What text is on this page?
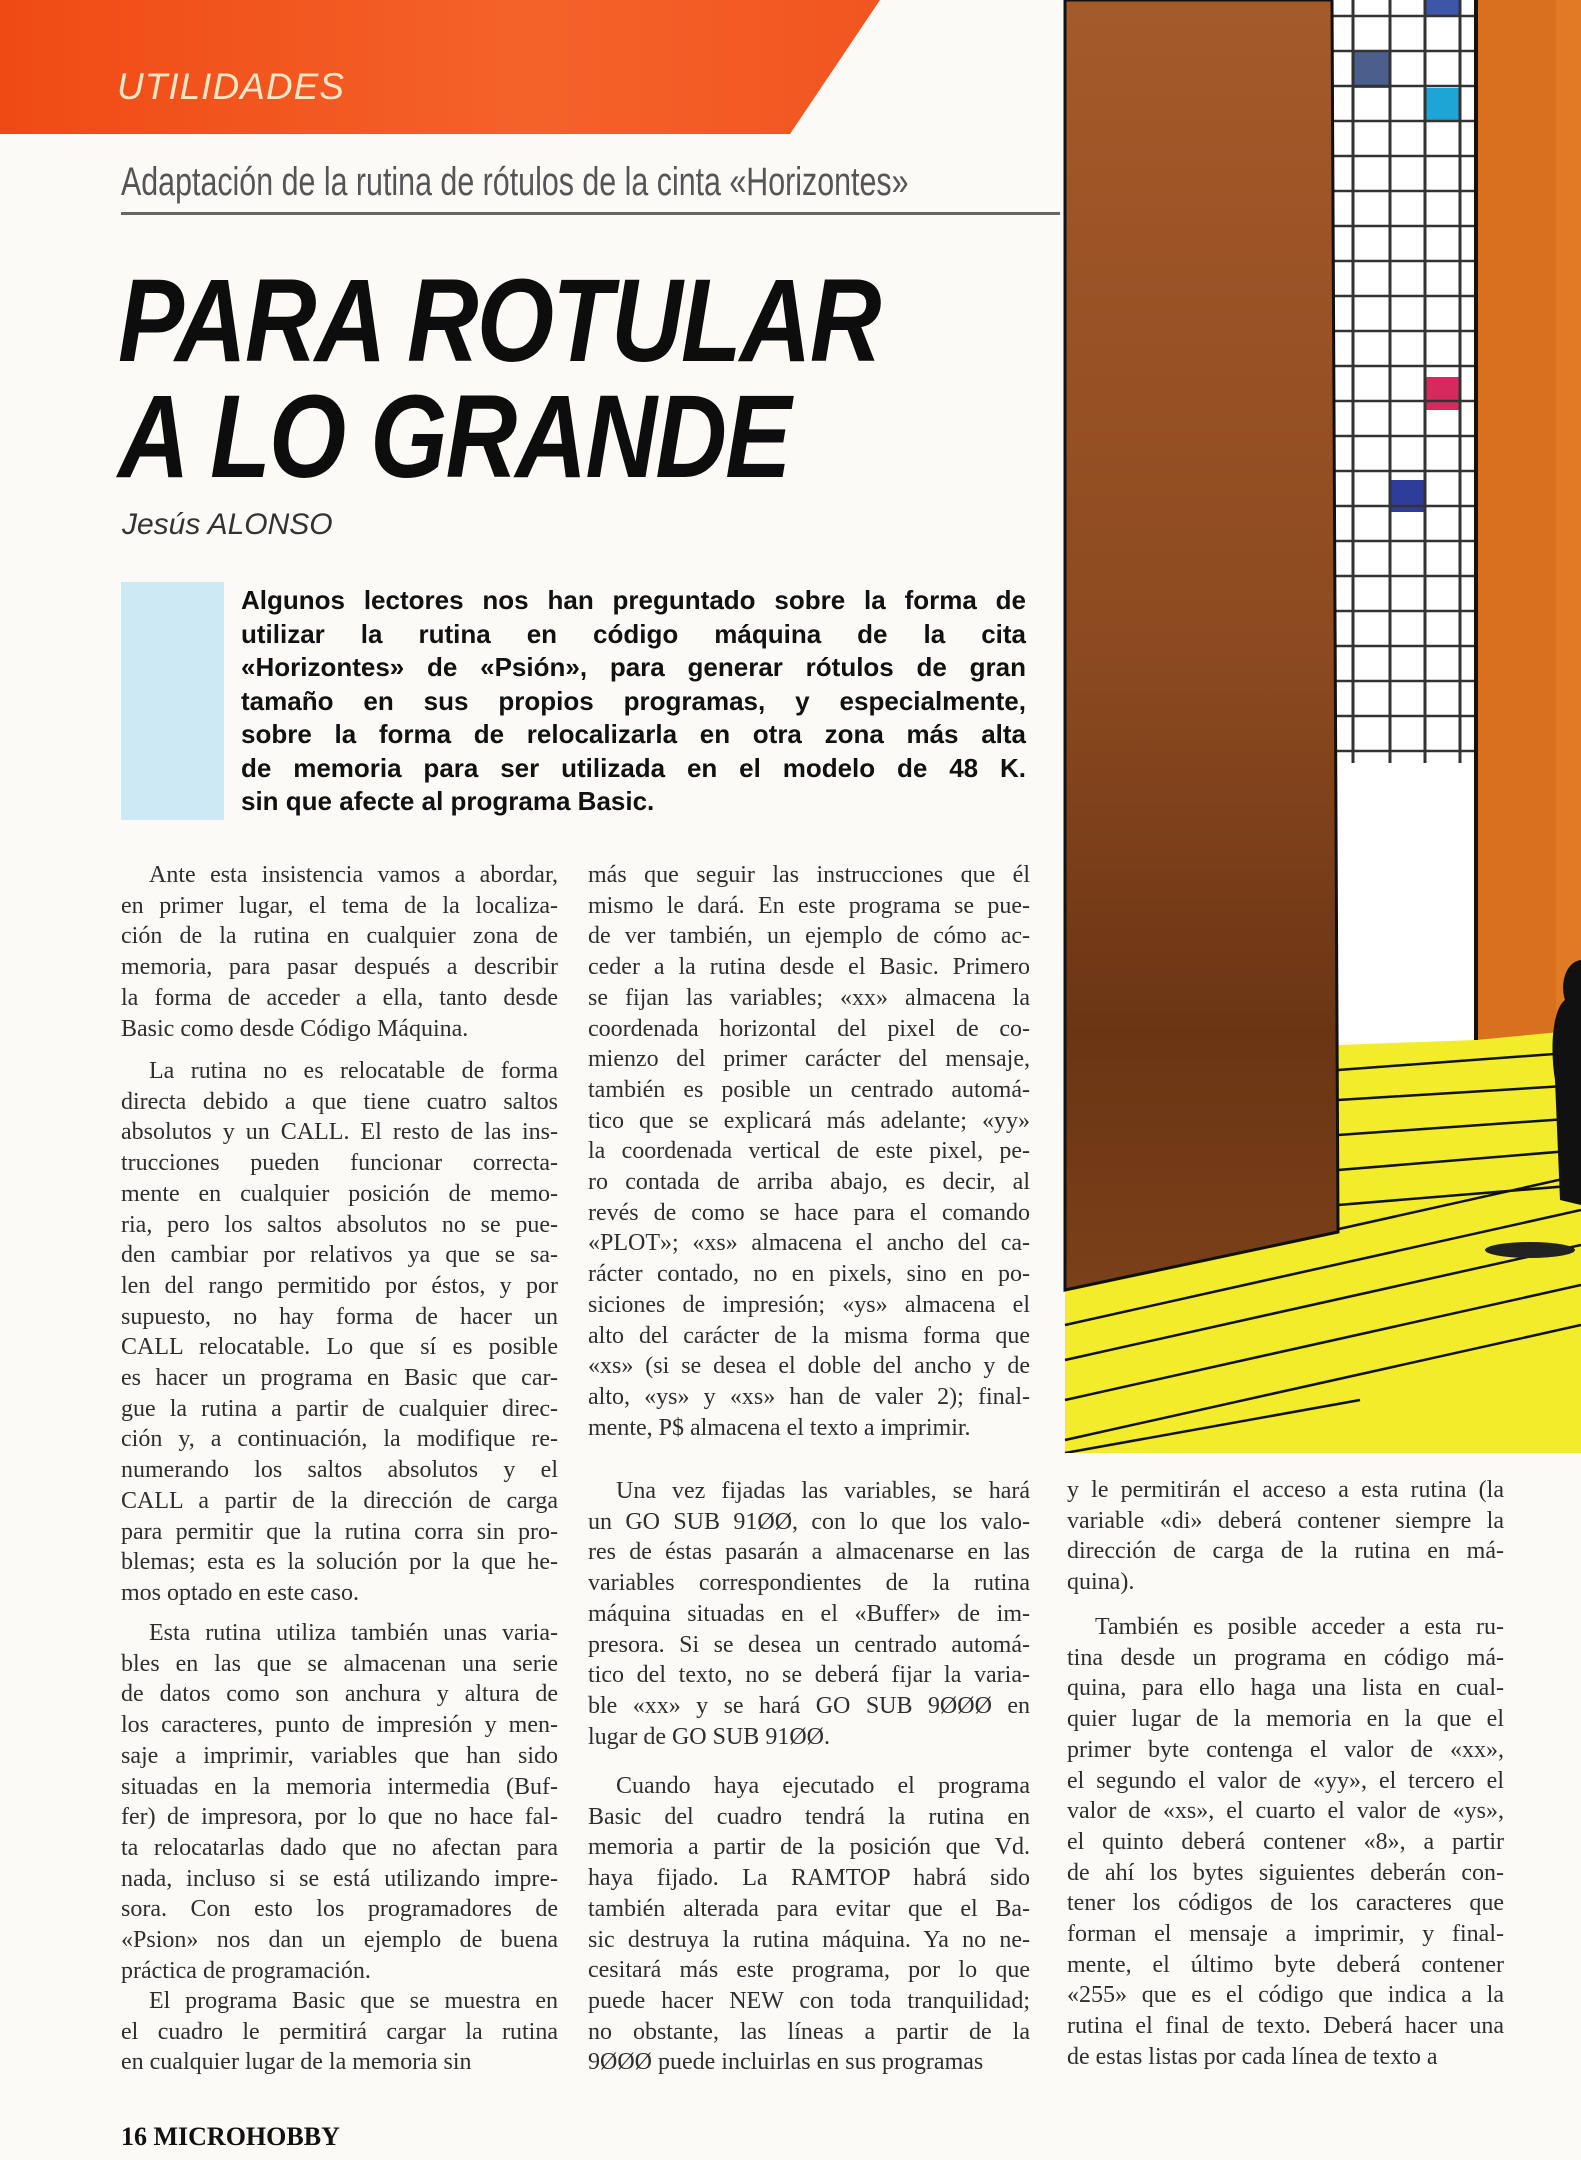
UTILIDADES
Adaptación de la rutina de rótulos de la cinta «Horizontes»
PARA ROTULAR
A LO GRANDE
Jesús ALONSO
Algunos lectores nos han preguntado sobre la forma de
utilizar la rutina en código máquina de la cita
«Horizontes» de «Psión», para generar rótulos de gran
tamaño en sus propios programas, y especialmente,
sobre la forma de relocalizarla en otra zona más alta
de memoria para ser utilizada en el modelo de 48 K.
sin que afecte al programa Basic.
Ante esta insistencia vamos a abordar,
en primer lugar, el tema de la localiza-
ción de la rutina en cualquier zona de
memoria, para pasar después a describir
la forma de acceder a ella, tanto desde
Basic como desde Código Máquina.
La rutina no es relocatable de forma
directa debido a que tiene cuatro saltos
absolutos y un CALL. El resto de las ins-
trucciones pueden funcionar correcta-
mente en cualquier posición de memo-
ria, pero los saltos absolutos no se pue-
den cambiar por relativos ya que se sa-
len del rango permitido por éstos, y por
supuesto, no hay forma de hacer un
CALL relocatable. Lo que sí es posible
es hacer un programa en Basic que car-
gue la rutina a partir de cualquier direc-
ción y, a continuación, la modifique re-
numerando los saltos absolutos y el
CALL a partir de la dirección de carga
para permitir que la rutina corra sin pro-
blemas; esta es la solución por la que he-
mos optado en este caso.
Esta rutina utiliza también unas varia-
bles en las que se almacenan una serie
de datos como son anchura y altura de
los caracteres, punto de impresión y men-
saje a imprimir, variables que han sido
situadas en la memoria intermedia (Buf-
fer) de impresora, por lo que no hace fal-
ta relocatarlas dado que no afectan para
nada, incluso si se está utilizando impre-
sora. Con esto los programadores de
«Psion» nos dan un ejemplo de buena
práctica de programación.
El programa Basic que se muestra en
el cuadro le permitirá cargar la rutina
en cualquier lugar de la memoria sin
más que seguir las instrucciones que él
mismo le dará. En este programa se pue-
de ver también, un ejemplo de cómo ac-
ceder a la rutina desde el Basic. Primero
se fijan las variables; «xx» almacena la
coordenada horizontal del pixel de co-
mienzo del primer carácter del mensaje,
también es posible un centrado automá-
tico que se explicará más adelante; «yy»
la coordenada vertical de este pixel, pe-
ro contada de arriba abajo, es decir, al
revés de como se hace para el comando
«PLOT»; «xs» almacena el ancho del ca-
rácter contado, no en pixels, sino en po-
siciones de impresión; «ys» almacena el
alto del carácter de la misma forma que
«xs» (si se desea el doble del ancho y de
alto, «ys» y «xs» han de valer 2); final-
mente, P$ almacena el texto a imprimir.
Una vez fijadas las variables, se hará
un GO SUB 91ØØ, con lo que los valo-
res de éstas pasarán a almacenarse en las
variables correspondientes de la rutina
máquina situadas en el «Buffer» de im-
presora. Si se desea un centrado automá-
tico del texto, no se deberá fijar la varia-
ble «xx» y se hará GO SUB 9ØØØ en
lugar de GO SUB 91ØØ.
Cuando haya ejecutado el programa
Basic del cuadro tendrá la rutina en
memoria a partir de la posición que Vd.
haya fijado. La RAMTOP habrá sido
también alterada para evitar que el Ba-
sic destruya la rutina máquina. Ya no ne-
cesitará más este programa, por lo que
puede hacer NEW con toda tranquilidad;
no obstante, las líneas a partir de la
9ØØØ puede incluirlas en sus programas
y le permitirán el acceso a esta rutina (la
variable «di» deberá contener siempre la
dirección de carga de la rutina en má-
quina).
También es posible acceder a esta ru-
tina desde un programa en código má-
quina, para ello haga una lista en cual-
quier lugar de la memoria en la que el
primer byte contenga el valor de «xx»,
el segundo el valor de «yy», el tercero el
valor de «xs», el cuarto el valor de «ys»,
el quinto deberá contener «8», a partir
de ahí los bytes siguientes deberán con-
tener los códigos de los caracteres que
forman el mensaje a imprimir, y final-
mente, el último byte deberá contener
«255» que es el código que indica a la
rutina el final de texto. Deberá hacer una
de estas listas por cada línea de texto a
16 MICROHOBBY
